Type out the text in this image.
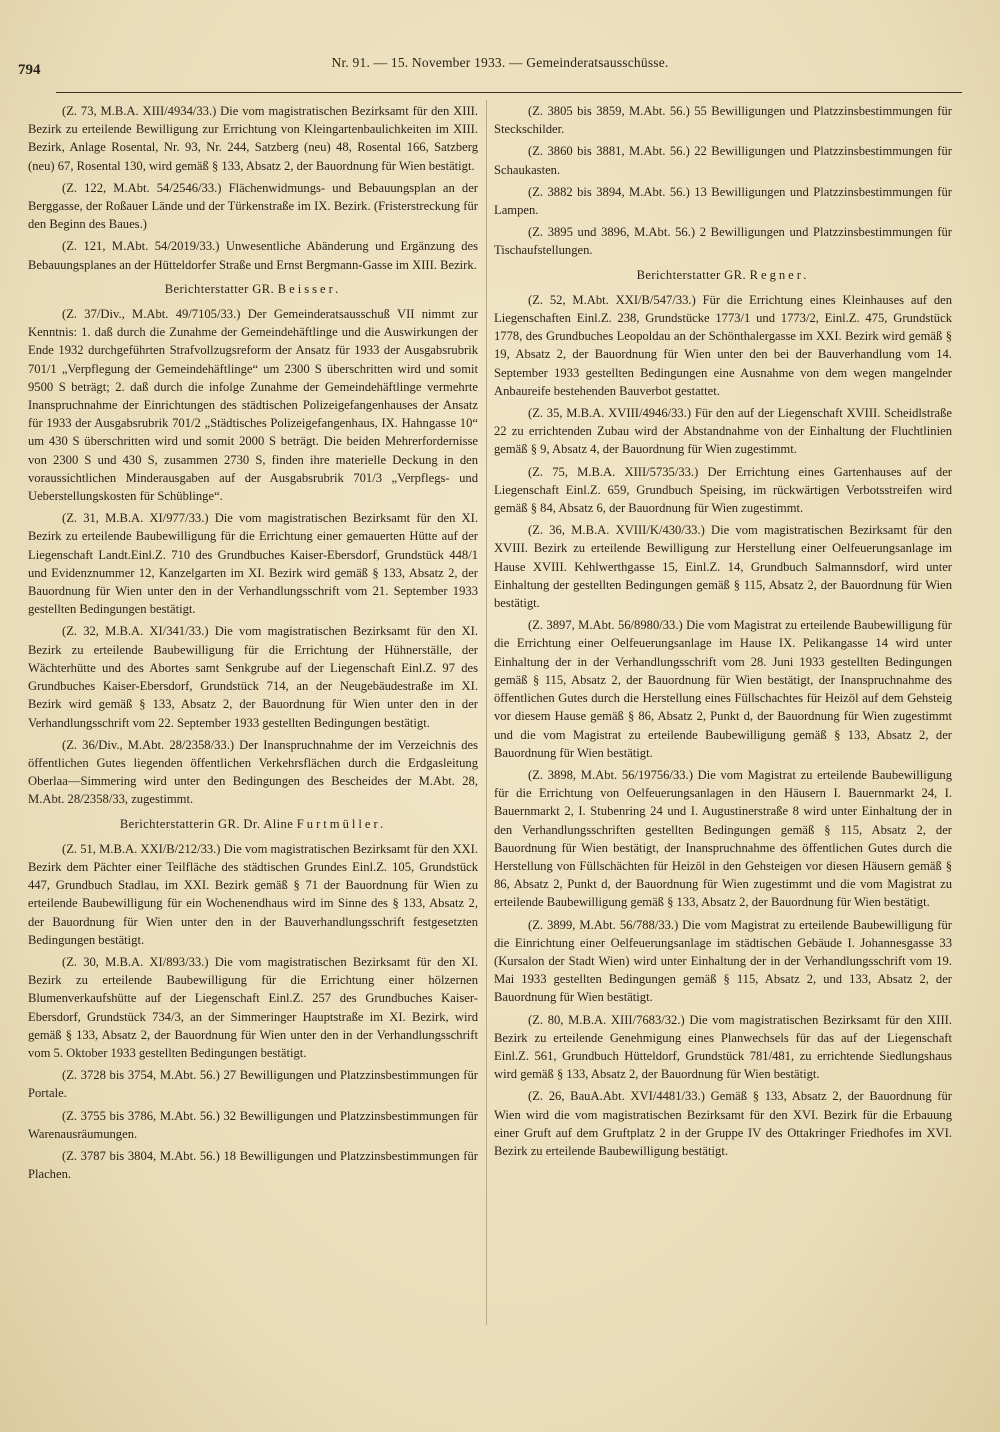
794	Nr. 91. — 15. November 1933. — Gemeinderatsausschüsse.

(Z. 73, M.B.A. XIII/4934/33.) Die vom magistratischen Bezirksamt für den XIII. Bezirk zu erteilende Bewilligung zur Errichtung von Kleingartenbaulichkeiten im XIII. Bezirk, Anlage Rosental, Nr. 93, Nr. 244, Satzberg (neu) 48, Rosental 166, Satzberg (neu) 67, Rosental 130, wird gemäß § 133, Absatz 2, der Bauordnung für Wien bestätigt.

(Z. 122, M.Abt. 54/2546/33.) Flächenwidmungs- und Bebauungsplan an der Berggasse, der Roßauer Lände und der Türkenstraße im IX. Bezirk. (Fristerstreckung für den Beginn des Baues.)

(Z. 121, M.Abt. 54/2019/33.) Unwesentliche Abänderung und Ergänzung des Bebauungsplanes an der Hütteldorfer Straße und Ernst Bergmann-Gasse im XIII. Bezirk.

Berichterstatter GR. Beisser.

(Z. 37/Div., M.Abt. 49/7105/33.) Der Gemeinderatsausschuß VII nimmt zur Kenntnis: 1. daß durch die Zunahme der Gemeindehäftlinge und die Auswirkungen der Ende 1932 durchgeführten Strafvollzugsreform der Ansatz für 1933 der Ausgabsrubrik 701/1 „Verpflegung der Gemeindehäftlinge“ um 2300 S überschritten wird und somit 9500 S beträgt; 2. daß durch die infolge Zunahme der Gemeindehäftlinge vermehrte Inanspruchnahme der Einrichtungen des städtischen Polizeigefangenhauses der Ansatz für 1933 der Ausgabsrubrik 701/2 „Städtisches Polizeigefangenhaus, IX. Hahngasse 10“ um 430 S überschritten wird und somit 2000 S beträgt. Die beiden Mehrerfordernisse von 2300 S und 430 S, zusammen 2730 S, finden ihre materielle Deckung in den voraussichtlichen Minderausgaben auf der Ausgabsrubrik 701/3 „Verpflegs- und Ueberstellungskosten für Schüblinge“.

(Z. 31, M.B.A. XI/977/33.) Die vom magistratischen Bezirksamt für den XI. Bezirk zu erteilende Baubewilligung für die Errichtung einer gemauerten Hütte auf der Liegenschaft Landt.Einl.Z. 710 des Grundbuches Kaiser-Ebersdorf, Grundstück 448/1 und Evidenznummer 12, Kanzelgarten im XI. Bezirk wird gemäß § 133, Absatz 2, der Bauordnung für Wien unter den in der Verhandlungsschrift vom 21. September 1933 gestellten Bedingungen bestätigt.

(Z. 32, M.B.A. XI/341/33.) Die vom magistratischen Bezirksamt für den XI. Bezirk zu erteilende Baubewilligung für die Errichtung der Hühnerställe, der Wächterhütte und des Abortes samt Senkgrube auf der Liegenschaft Einl.Z. 97 des Grundbuches Kaiser-Ebersdorf, Grundstück 714, an der Neugebäudestraße im XI. Bezirk wird gemäß § 133, Absatz 2, der Bauordnung für Wien unter den in der Verhandlungsschrift vom 22. September 1933 gestellten Bedingungen bestätigt.

(Z. 36/Div., M.Abt. 28/2358/33.) Der Inanspruchnahme der im Verzeichnis des öffentlichen Gutes liegenden öffentlichen Verkehrsflächen durch die Erdgasleitung Oberlaa—Simmering wird unter den Bedingungen des Bescheides der M.Abt. 28, M.Abt. 28/2358/33, zugestimmt.

Berichterstatterin GR. Dr. Aline Furtmüller.

(Z. 51, M.B.A. XXI/B/212/33.) Die vom magistratischen Bezirksamt für den XXI. Bezirk dem Pächter einer Teilfläche des städtischen Grundes Einl.Z. 105, Grundstück 447, Grundbuch Stadlau, im XXI. Bezirk gemäß § 71 der Bauordnung für Wien zu erteilende Baubewilligung für ein Wochenendhaus wird im Sinne des § 133, Absatz 2, der Bauordnung für Wien unter den in der Bauverhandlungsschrift festgesetzten Bedingungen bestätigt.

(Z. 30, M.B.A. XI/893/33.) Die vom magistratischen Bezirksamt für den XI. Bezirk zu erteilende Baubewilligung für die Errichtung einer hölzernen Blumenverkaufshütte auf der Liegenschaft Einl.Z. 257 des Grundbuches Kaiser-Ebersdorf, Grundstück 734/3, an der Simmeringer Hauptstraße im XI. Bezirk, wird gemäß § 133, Absatz 2, der Bauordnung für Wien unter den in der Verhandlungsschrift vom 5. Oktober 1933 gestellten Bedingungen bestätigt.

(Z. 3728 bis 3754, M.Abt. 56.) 27 Bewilligungen und Platzzinsbestimmungen für Portale.

(Z. 3755 bis 3786, M.Abt. 56.) 32 Bewilligungen und Platzzinsbestimmungen für Warenausräumungen.

(Z. 3787 bis 3804, M.Abt. 56.) 18 Bewilligungen und Platzzinsbestimmungen für Plachen.

(Z. 3805 bis 3859, M.Abt. 56.) 55 Bewilligungen und Platzzinsbestimmungen für Steckschilder.

(Z. 3860 bis 3881, M.Abt. 56.) 22 Bewilligungen und Platzzinsbestimmungen für Schaukasten.

(Z. 3882 bis 3894, M.Abt. 56.) 13 Bewilligungen und Platzzinsbestimmungen für Lampen.

(Z. 3895 und 3896, M.Abt. 56.) 2 Bewilligungen und Platzzinsbestimmungen für Tischaufstellungen.

Berichterstatter GR. Regner.

(Z. 52, M.Abt. XXI/B/547/33.) Für die Errichtung eines Kleinhauses auf den Liegenschaften Einl.Z. 238, Grundstücke 1773/1 und 1773/2, Einl.Z. 475, Grundstück 1778, des Grundbuches Leopoldau an der Schönthalergasse im XXI. Bezirk wird gemäß § 19, Absatz 2, der Bauordnung für Wien unter den bei der Bauverhandlung vom 14. September 1933 gestellten Bedingungen eine Ausnahme von dem wegen mangelnder Anbaureife bestehenden Bauverbot gestattet.

(Z. 35, M.B.A. XVIII/4946/33.) Für den auf der Liegenschaft XVIII. Scheidlstraße 22 zu errichtenden Zubau wird der Abstandnahme von der Einhaltung der Fluchtlinien gemäß § 9, Absatz 4, der Bauordnung für Wien zugestimmt.

(Z. 75, M.B.A. XIII/5735/33.) Der Errichtung eines Gartenhauses auf der Liegenschaft Einl.Z. 659, Grundbuch Speising, im rückwärtigen Verbotsstreifen wird gemäß § 84, Absatz 6, der Bauordnung für Wien zugestimmt.

(Z. 36, M.B.A. XVIII/K/430/33.) Die vom magistratischen Bezirksamt für den XVIII. Bezirk zu erteilende Bewilligung zur Herstellung einer Oelfeuerungsanlage im Hause XVIII. Kehlwerthgasse 15, Einl.Z. 14, Grundbuch Salmannsdorf, wird unter Einhaltung der gestellten Bedingungen gemäß § 115, Absatz 2, der Bauordnung für Wien bestätigt.

(Z. 3897, M.Abt. 56/8980/33.) Die vom Magistrat zu erteilende Baubewilligung für die Errichtung einer Oelfeuerungsanlage im Hause IX. Pelikangasse 14 wird unter Einhaltung der in der Verhandlungsschrift vom 28. Juni 1933 gestellten Bedingungen gemäß § 115, Absatz 2, der Bauordnung für Wien bestätigt, der Inanspruchnahme des öffentlichen Gutes durch die Herstellung eines Füllschachtes für Heizöl auf dem Gehsteig vor diesem Hause gemäß § 86, Absatz 2, Punkt d, der Bauordnung für Wien zugestimmt und die vom Magistrat zu erteilende Baubewilligung gemäß § 133, Absatz 2, der Bauordnung für Wien bestätigt.

(Z. 3898, M.Abt. 56/19756/33.) Die vom Magistrat zu erteilende Baubewilligung für die Errichtung von Oelfeuerungsanlagen in den Häusern I. Bauernmarkt 24, I. Bauernmarkt 2, I. Stubenring 24 und I. Augustinerstraße 8 wird unter Einhaltung der in den Verhandlungsschriften gestellten Bedingungen gemäß § 115, Absatz 2, der Bauordnung für Wien bestätigt, der Inanspruchnahme des öffentlichen Gutes durch die Herstellung von Füllschächten für Heizöl in den Gehsteigen vor diesen Häusern gemäß § 86, Absatz 2, Punkt d, der Bauordnung für Wien zugestimmt und die vom Magistrat zu erteilende Baubewilligung gemäß § 133, Absatz 2, der Bauordnung für Wien bestätigt.

(Z. 3899, M.Abt. 56/788/33.) Die vom Magistrat zu erteilende Baubewilligung für die Einrichtung einer Oelfeuerungsanlage im städtischen Gebäude I. Johannesgasse 33 (Kursalon der Stadt Wien) wird unter Einhaltung der in der Verhandlungsschrift vom 19. Mai 1933 gestellten Bedingungen gemäß § 115, Absatz 2, und 133, Absatz 2, der Bauordnung für Wien bestätigt.

(Z. 80, M.B.A. XIII/7683/32.) Die vom magistratischen Bezirksamt für den XIII. Bezirk zu erteilende Genehmigung eines Planwechsels für das auf der Liegenschaft Einl.Z. 561, Grundbuch Hütteldorf, Grundstück 781/481, zu errichtende Siedlungshaus wird gemäß § 133, Absatz 2, der Bauordnung für Wien bestätigt.

(Z. 26, BauA.Abt. XVI/4481/33.) Gemäß § 133, Absatz 2, der Bauordnung für Wien wird die vom magistratischen Bezirksamt für den XVI. Bezirk für die Erbauung einer Gruft auf dem Gruftplatz 2 in der Gruppe IV des Ottakringer Friedhofes im XVI. Bezirk zu erteilende Baubewilligung bestätigt.
